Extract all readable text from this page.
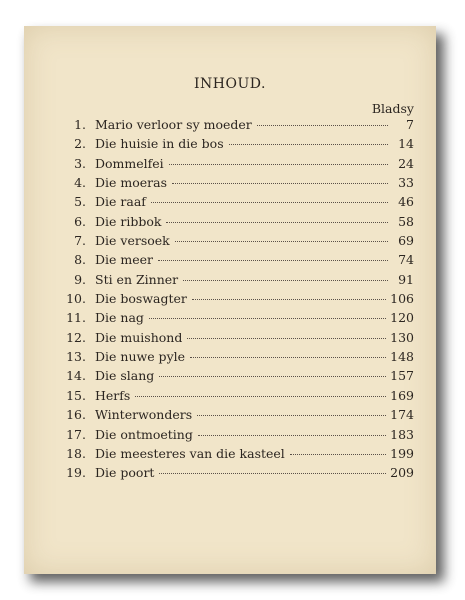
INHOUD.
Bladsy
1. Mario verloor sy moeder	7
2. Die huisie in die bos	14
3. Dommelfei	24
4. Die moeras	33
5. Die raaf	46
6. Die ribbok	58
7. Die versoek	69
8. Die meer	74
9. Sti en Zinner	91
10. Die boswagter	106
11. Die nag	120
12. Die muishond	130
13. Die nuwe pyle	148
14. Die slang	157
15. Herfs	169
16. Winterwonders	174
17. Die ontmoeting	183
18. Die meesteres van die kasteel	199
19. Die poort	209
